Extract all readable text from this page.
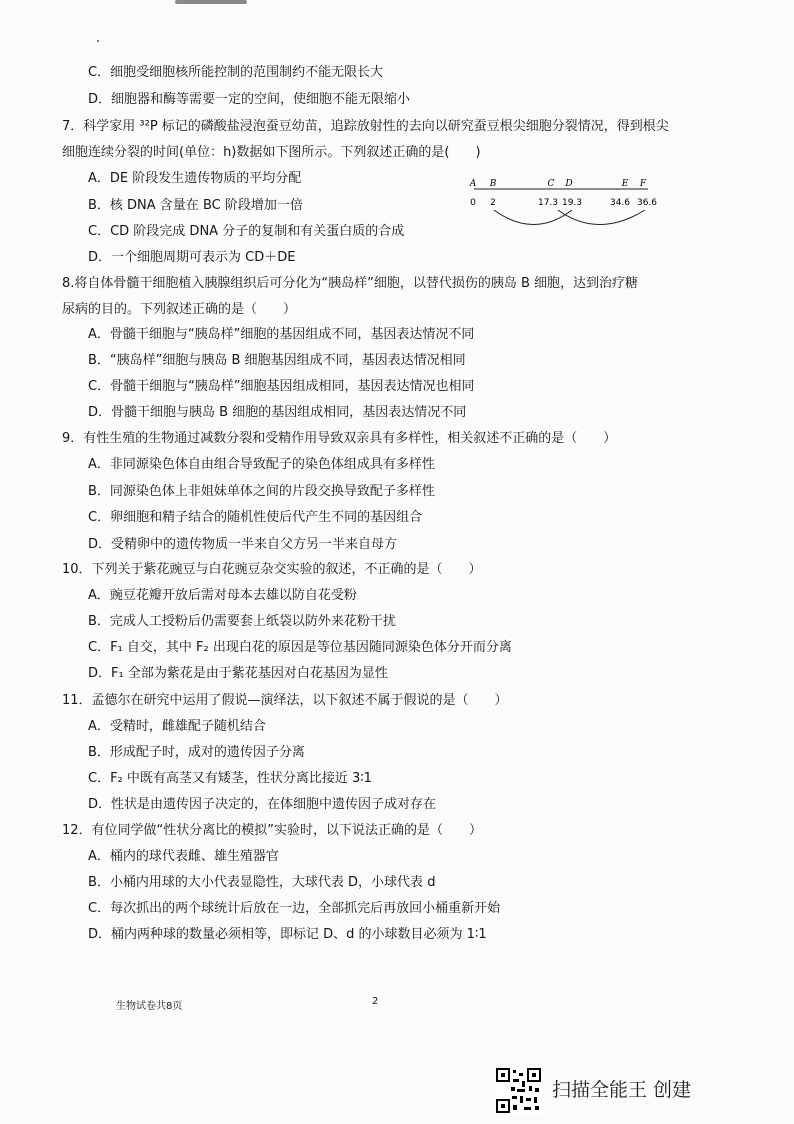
C．细胞受细胞核所能控制的范围制约不能无限长大
D．细胞器和酶等需要一定的空间，使细胞不能无限缩小
7．科学家用 ³²P 标记的磷酸盐浸泡蚕豆幼苗，追踪放射性的去向以研究蚕豆根尖细胞分裂情况，得到根尖
细胞连续分裂的时间(单位：h)数据如下图所示。下列叙述正确的是(　　)
A．DE 阶段发生遗传物质的平均分配
B．核 DNA 含量在 BC 阶段增加一倍
C．CD 阶段完成 DNA 分子的复制和有关蛋白质的合成
D．一个细胞周期可表示为 CD＋DE
A B	C D	E F
0 2	17.3 19.3	34.6 36.6
8.将自体骨髓干细胞植入胰腺组织后可分化为“胰岛样”细胞，以替代损伤的胰岛 B 细胞，达到治疗糖
尿病的目的。下列叙述正确的是（　　）
A．骨髓干细胞与“胰岛样”细胞的基因组成不同，基因表达情况不同
B．“胰岛样”细胞与胰岛 B 细胞基因组成不同，基因表达情况相同
C．骨髓干细胞与“胰岛样”细胞基因组成相同，基因表达情况也相同
D．骨髓干细胞与胰岛 B 细胞的基因组成相同，基因表达情况不同
9．有性生殖的生物通过减数分裂和受精作用导致双亲具有多样性，相关叙述不正确的是（　　）
A．非同源染色体自由组合导致配子的染色体组成具有多样性
B．同源染色体上非姐妹单体之间的片段交换导致配子多样性
C．卵细胞和精子结合的随机性使后代产生不同的基因组合
D．受精卵中的遗传物质一半来自父方另一半来自母方
10．下列关于紫花豌豆与白花豌豆杂交实验的叙述，不正确的是（　　）
A．豌豆花瓣开放后需对母本去雄以防自花受粉
B．完成人工授粉后仍需要套上纸袋以防外来花粉干扰
C．F₁ 自交，其中 F₂ 出现白花的原因是等位基因随同源染色体分开而分离
D．F₁ 全部为紫花是由于紫花基因对白花基因为显性
11．孟德尔在研究中运用了假说—演绎法，以下叙述不属于假说的是（　　）
A．受精时，雌雄配子随机结合
B．形成配子时，成对的遗传因子分离
C．F₂ 中既有高茎又有矮茎，性状分离比接近 3∶1
D．性状是由遗传因子决定的，在体细胞中遗传因子成对存在
12．有位同学做“性状分离比的模拟”实验时，以下说法正确的是（　　）
A．桶内的球代表雌、雄生殖器官
B．小桶内用球的大小代表显隐性，大球代表 D，小球代表 d
C．每次抓出的两个球统计后放在一边，全部抓完后再放回小桶重新开始
D．桶内两种球的数量必须相等，即标记 D、d 的小球数目必须为 1∶1
生物试卷共8页	2
扫描全能王 创建
